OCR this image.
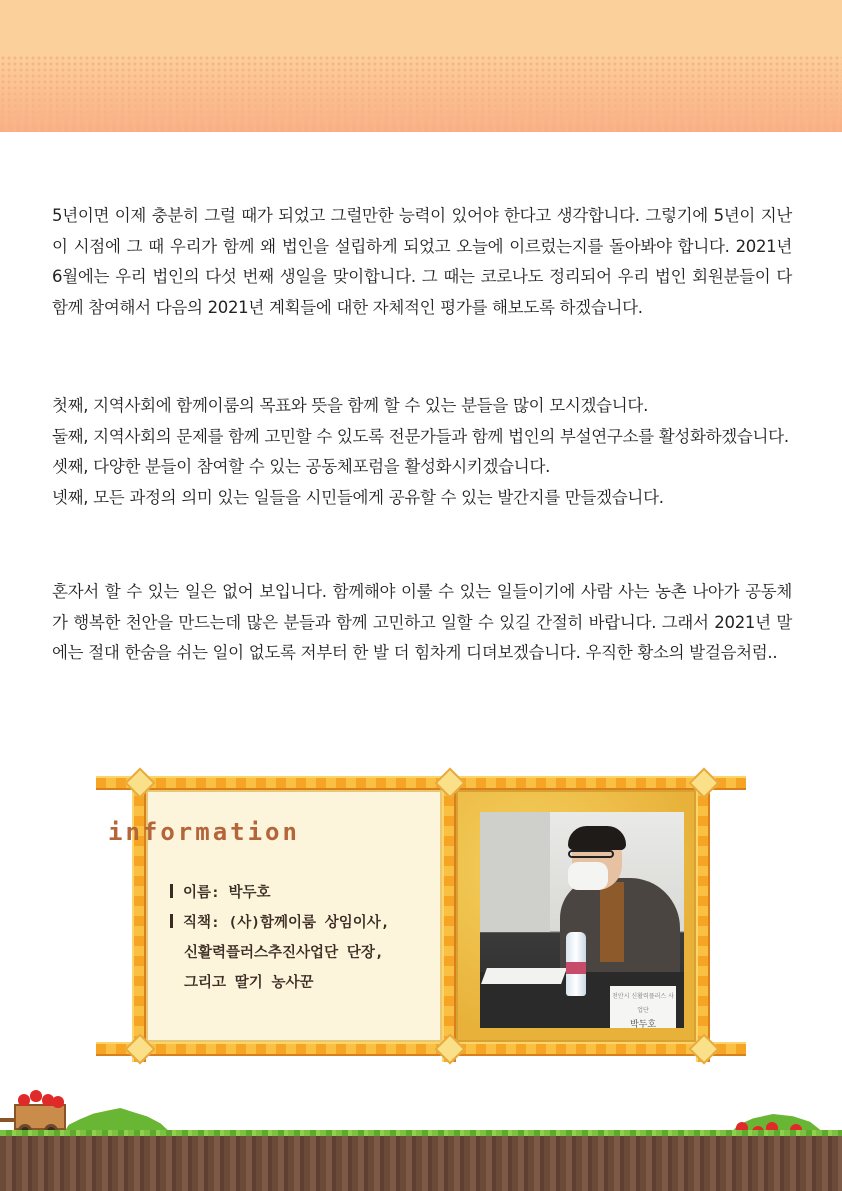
5년이면 이제 충분히 그럴 때가 되었고 그럴만한 능력이 있어야 한다고 생각합니다. 그렇기에 5년이 지난 이 시점에 그 때 우리가 함께 왜 법인을 설립하게 되었고 오늘에 이르렀는지를 돌아봐야 합니다. 2021년 6월에는 우리 법인의 다섯 번째 생일을 맞이합니다. 그 때는 코로나도 정리되어 우리 법인 회원분들이 다함께 참여해서 다음의 2021년 계획들에 대한 자체적인 평가를 해보도록 하겠습니다.

첫째, 지역사회에 함께이룸의 목표와 뜻을 함께 할 수 있는 분들을 많이 모시겠습니다.

둘째, 지역사회의 문제를 함께 고민할 수 있도록 전문가들과 함께 법인의 부설연구소를 활성화하겠습니다.

셋째, 다양한 분들이 참여할 수 있는 공동체포럼을 활성화시키겠습니다.

넷째, 모든 과정의 의미 있는 일들을 시민들에게 공유할 수 있는 발간지를 만들겠습니다.

혼자서 할 수 있는 일은 없어 보입니다. 함께해야 이룰 수 있는 일들이기에 사람 사는 농촌 나아가 공동체가 행복한 천안을 만드는데 많은 분들과 함께 고민하고 일할 수 있길 간절히 바랍니다. 그래서 2021년 말에는 절대 한숨을 쉬는 일이 없도록 저부터 한 발 더 힘차게 디뎌보겠습니다. 우직한 황소의 발걸음처럼..

information
이름: 박두호
직책: (사)함께이룸 상임이사,
신활력플러스추진사업단 단장,
그리고 딸기 농사꾼
천안시 신활력플러스 사업단
박두호
